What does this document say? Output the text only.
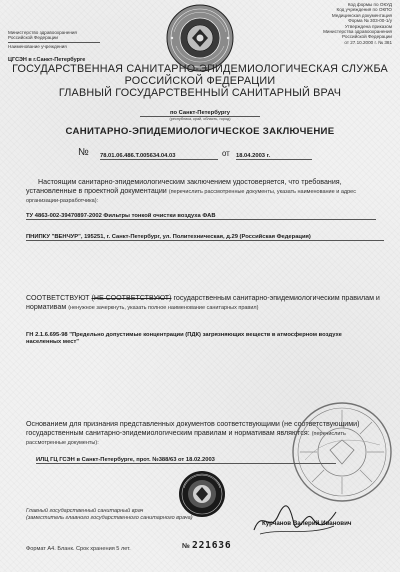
Министерство здравоохранения
Российской Федерации
Наименование учреждения
ЦГСЭН в г.Санкт-Петербурге
Код формы по ОКУД
Код учреждения по ОКПО
Медицинская документация
Форма № 303-00-1/у
Утверждена приказом
Министерства здравоохранения
Российской Федерации
от 27.10.2000 г. № 381
ГОСУДАРСТВЕННАЯ САНИТАРНО-ЭПИДЕМИОЛОГИЧЕСКАЯ СЛУЖБА
РОССИЙСКОЙ ФЕДЕРАЦИИ
ГЛАВНЫЙ ГОСУДАРСТВЕННЫЙ САНИТАРНЫЙ ВРАЧ
по Санкт-Петербургу
(республика, край, область, город)
САНИТАРНО-ЭПИДЕМИОЛОГИЧЕСКОЕ ЗАКЛЮЧЕНИЕ
№ 78.01.06.486.Т.005634.04.03	от 18.04.2003 г.
Настоящим санитарно-эпидемиологическим заключением удостоверяется, что требования, установленные в проектной документации (перечислить рассмотренные документы, указать наименование и адрес организации-разработчика):
ТУ 4863-002-39470897-2002 Фильтры тонкой очистки воздуха ФАВ
ПНИПКУ "ВЕНЧУР", 195251, г. Санкт-Петербург, ул. Политехническая, д.29 (Российская Федерация)
СООТВЕТСТВУЮТ (НЕ СООТВЕТСТВУЮТ) государственным санитарно-эпидемиологическим правилам и нормативам (ненужное зачеркнуть, указать полное наименование санитарных правил)
ГН 2.1.6.695-98 "Предельно допустимые концентрации (ПДК) загрязняющих веществ в атмосферном воздухе населенных мест"
Основанием для признания представленных документов соответствующими (не соответствующими) государственным санитарно-эпидемиологическим правилам и нормативам являются: (перечислить рассмотренные документы):
ИЛЦ ГЦ ГСЭН в Санкт-Петербурге, прот. №388/63 от 18.02.2003
Главный государственный санитарный врач
(заместитель главного государственного санитарного врача)
Курчанов Валерий Иванович
Формат А4. Бланк. Срок хранения 5 лет.	№ 221636
